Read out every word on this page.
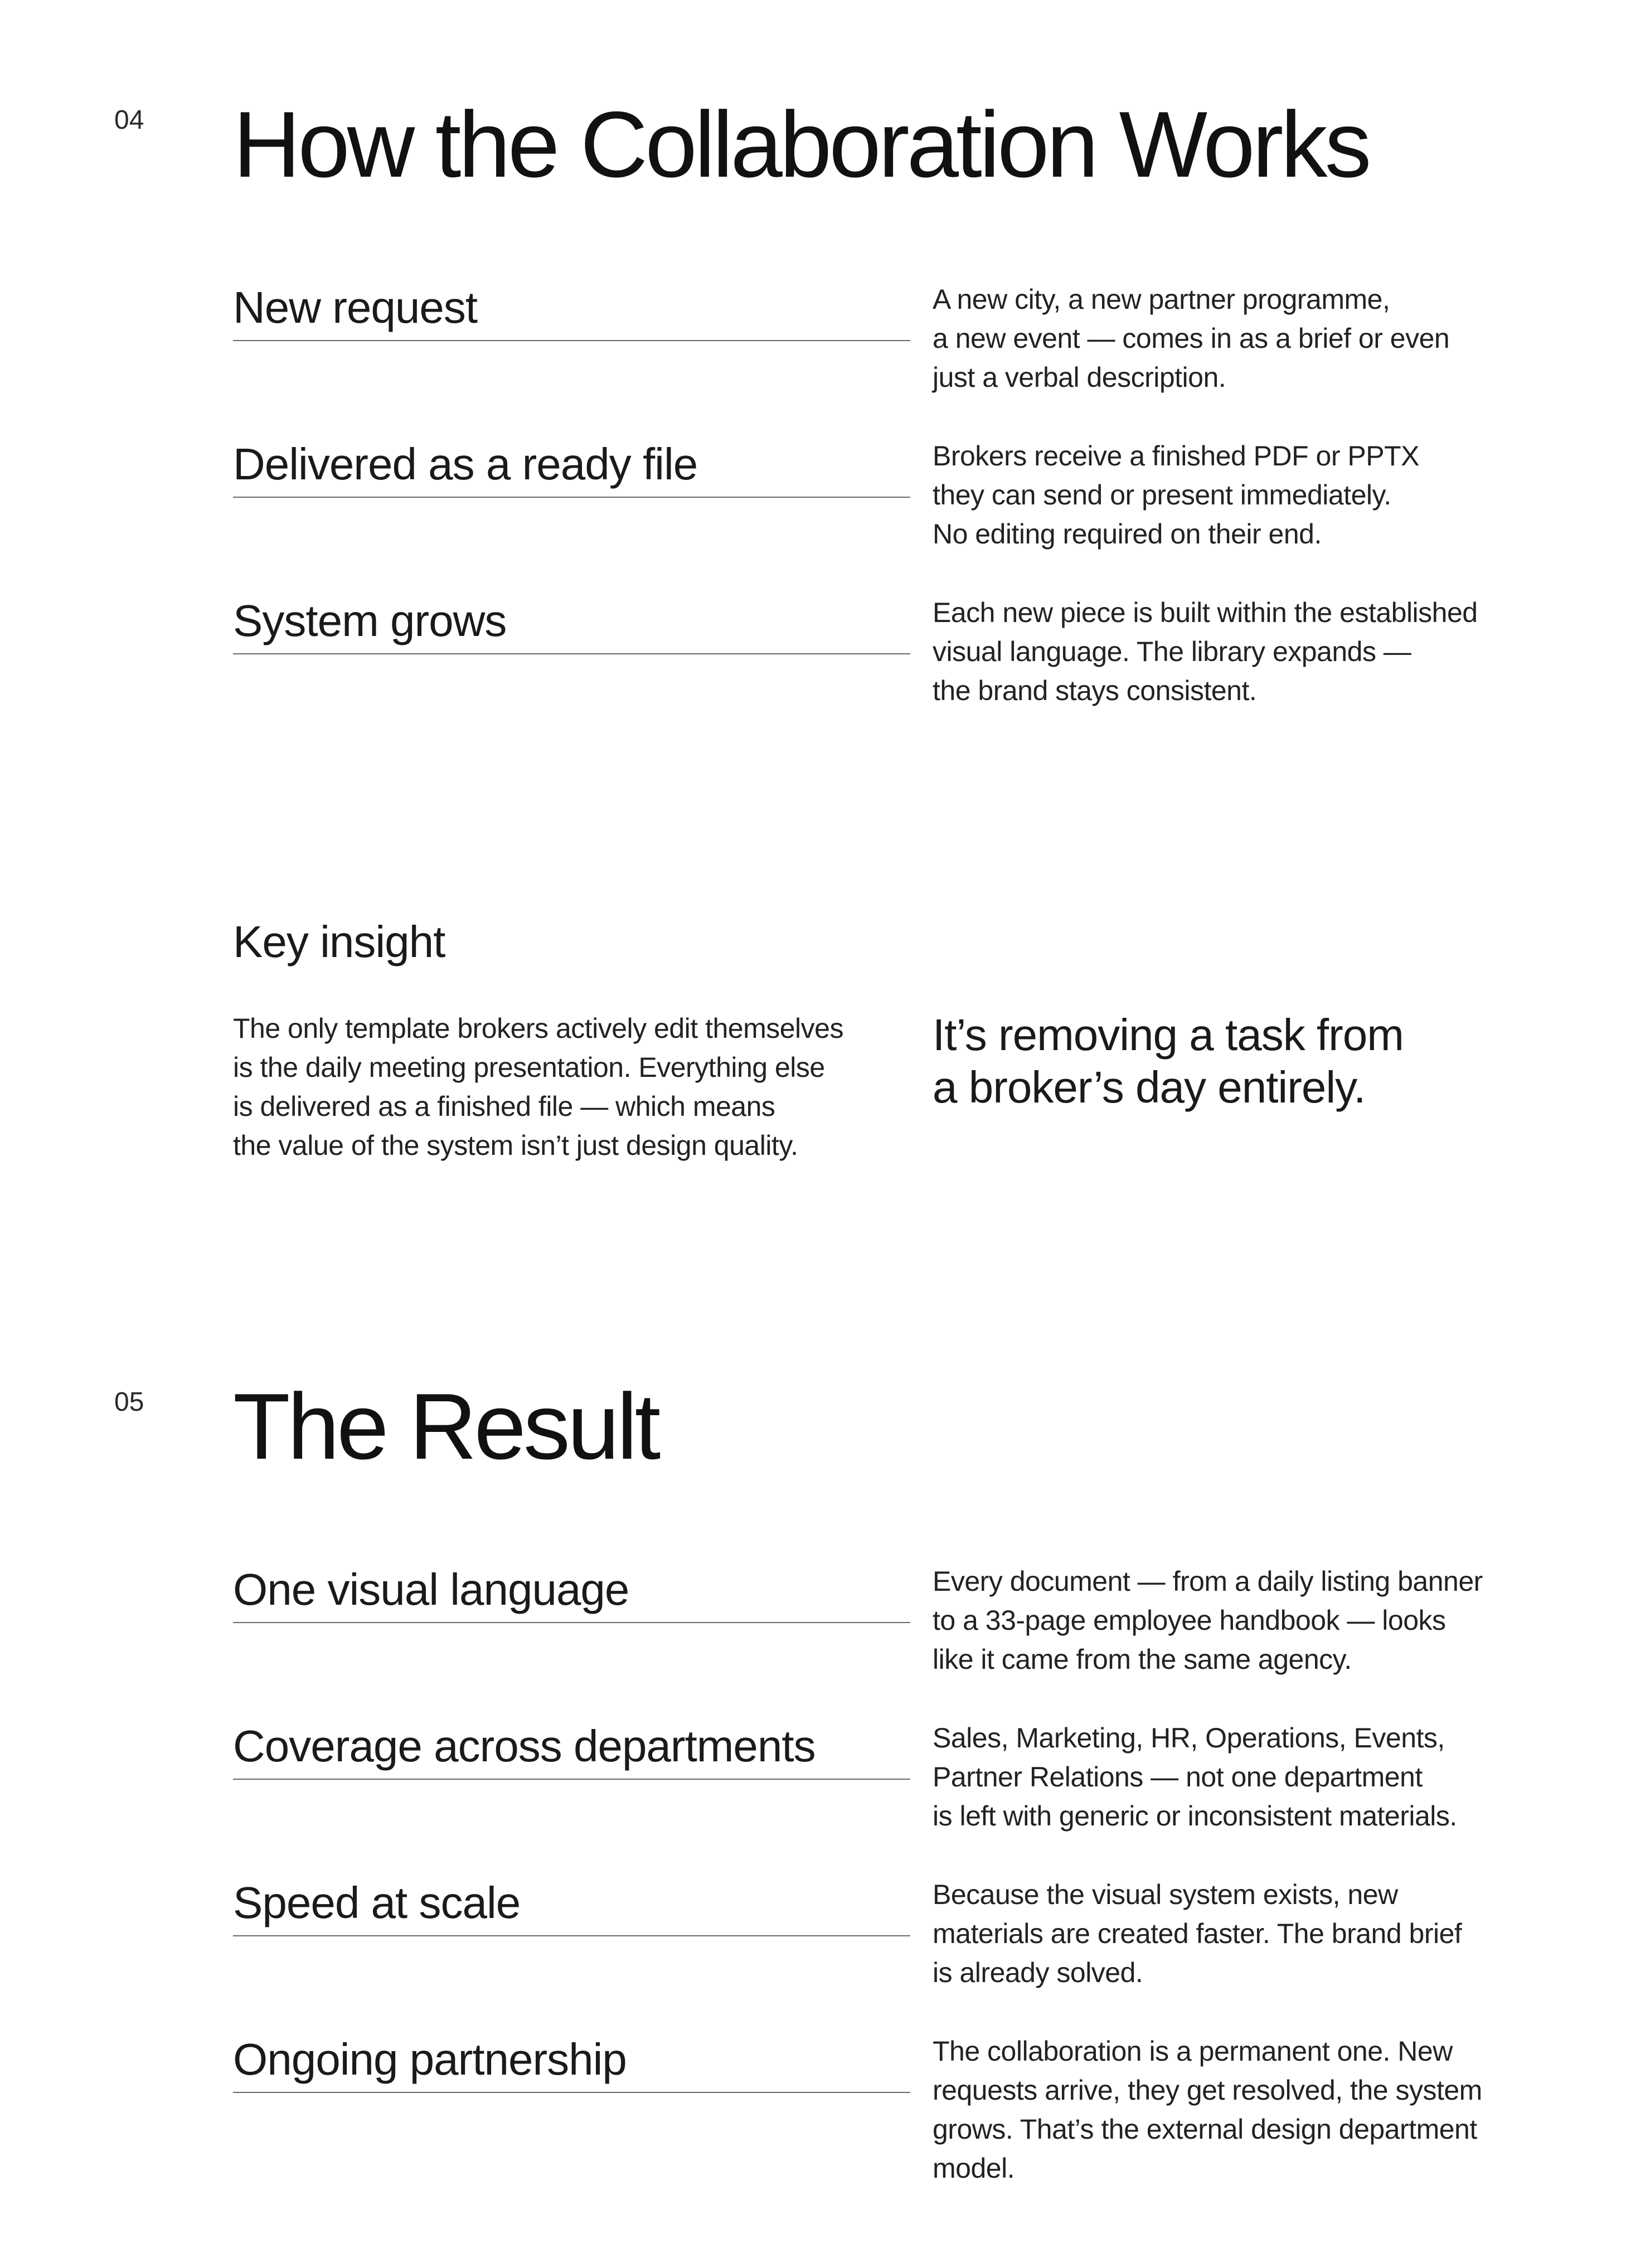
04 How the Collaboration Works
New request	A new city, a new partner programme,
a new event — comes in as a brief or even
just a verbal description.

Delivered as a ready file	Brokers receive a finished PDF or PPTX
they can send or present immediately.
No editing required on their end.

System grows	Each new piece is built within the established
visual language. The library expands —
the brand stays consistent.

Key insight

The only template brokers actively edit themselves
is the daily meeting presentation. Everything else
is delivered as a finished file — which means
the value of the system isn’t just design quality.

It’s removing a task from
a broker’s day entirely.

05 The Result
One visual language	Every document — from a daily listing banner
to a 33-page employee handbook — looks
like it came from the same agency.

Coverage across departments	Sales, Marketing, HR, Operations, Events,
Partner Relations — not one department
is left with generic or inconsistent materials.

Speed at scale	Because the visual system exists, new
materials are created faster. The brand brief
is already solved.

Ongoing partnership	The collaboration is a permanent one. New
requests arrive, they get resolved, the system
grows. That’s the external design department
model.
